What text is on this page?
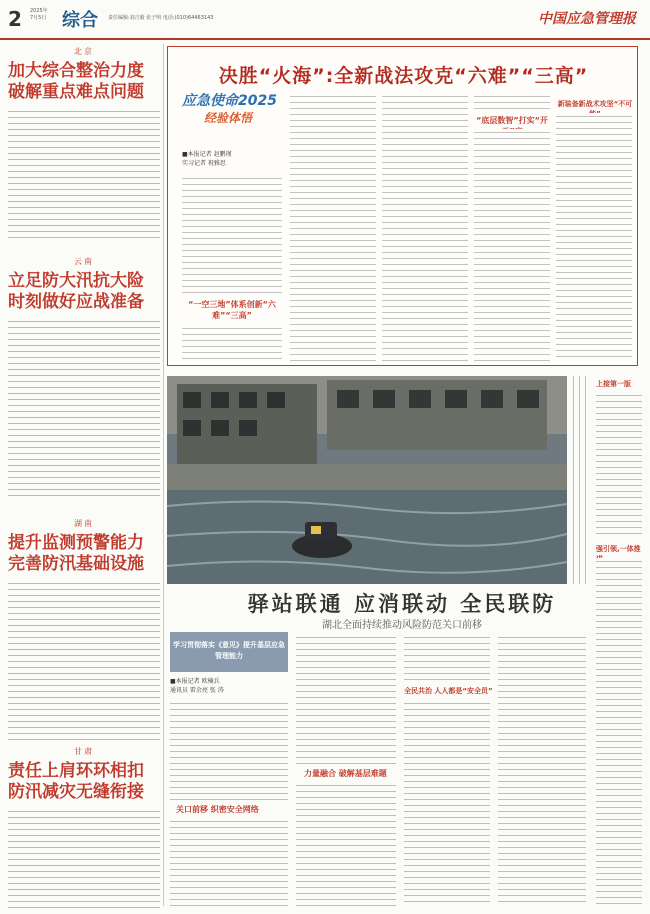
2 2025年
7月5日 综合 责任编辑:刘吉毅 张子明 电话:(010)64463143	中国应急管理报
北京
加大综合整治力度 破解重点难点问题
云南
立足防大汛抗大险 时刻做好应战准备
湖南
提升监测预警能力 完善防汛基础设施
甘肃
责任上肩环环相扣 防汛减灾无缝衔接
决胜“火海”:全新战法攻克“六难”“三高”
应急使命2025
经验体悟
■本报记者 赵鹏瑾
实习记者 祝雅思
“一空三地”体系创新“六难”“三高”
“底层数智”打实“开
新装备新战术攻坚“不可
上接第一版
强引领,一体推
驿站联通 应消联动 全民联防
湖北全面持续推动风险防范关口前移
学习贯彻落实《意见》提升基层应急管理能力
■本报记者 欧楠兵
通讯员 雷余亮 张 涛
关口前移 织密安全网络
力量融合 破解基层难题
全民共治 人人都是“安全员”
